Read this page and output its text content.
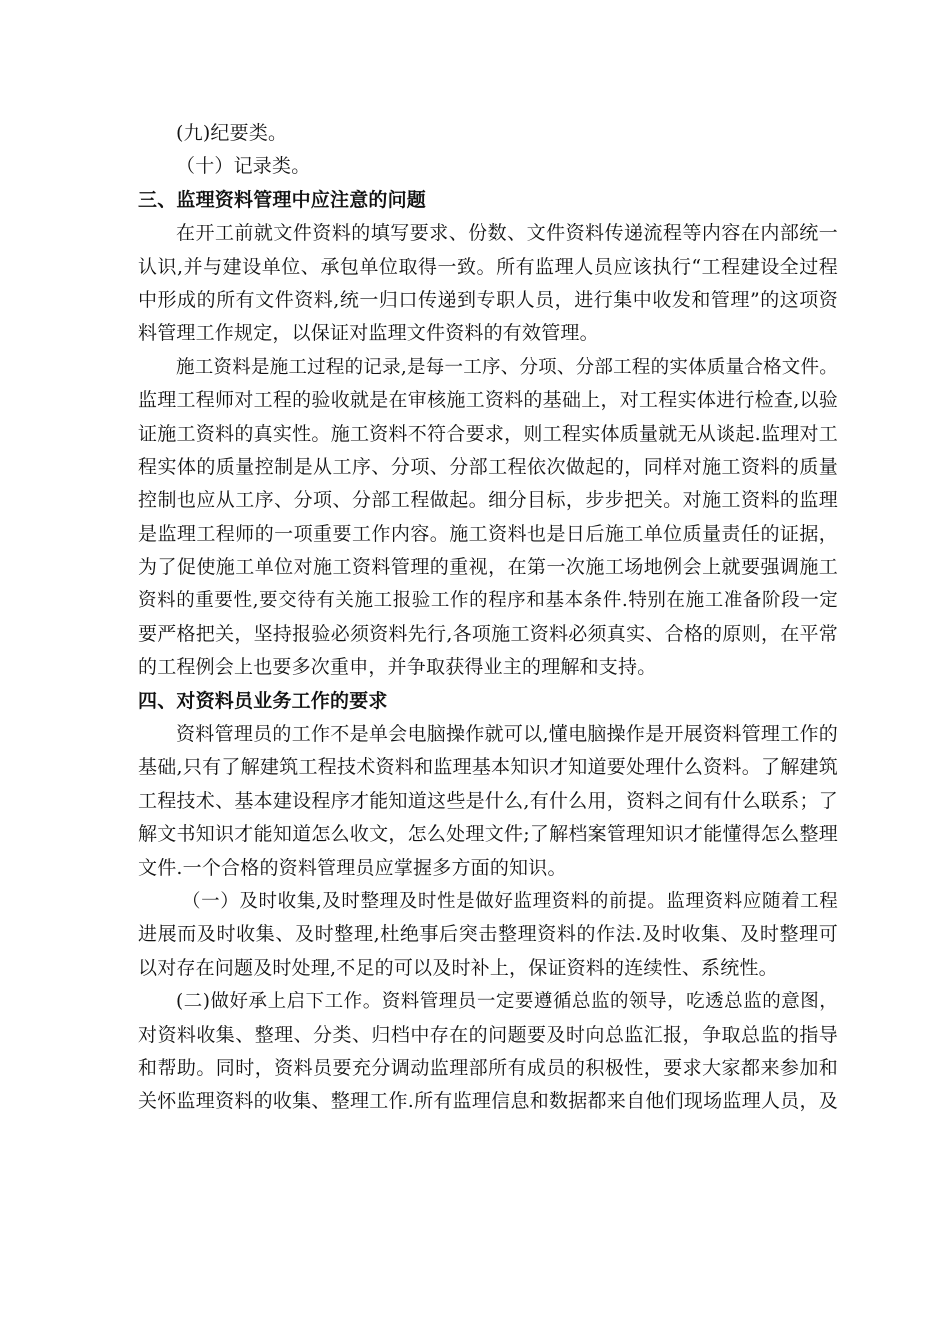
(九)纪要类。
（十）记录类。
三、监理资料管理中应注意的问题
在开工前就文件资料的填写要求、份数、文件资料传递流程等内容在内部统一
认识,并与建设单位、承包单位取得一致。所有监理人员应该执行“工程建设全过程
中形成的所有文件资料,统一归口传递到专职人员，进行集中收发和管理”的这项资
料管理工作规定，以保证对监理文件资料的有效管理。
施工资料是施工过程的记录,是每一工序、分项、分部工程的实体质量合格文件。
监理工程师对工程的验收就是在审核施工资料的基础上，对工程实体进行检查,以验
证施工资料的真实性。施工资料不符合要求，则工程实体质量就无从谈起.监理对工
程实体的质量控制是从工序、分项、分部工程依次做起的，同样对施工资料的质量
控制也应从工序、分项、分部工程做起。细分目标，步步把关。对施工资料的监理
是监理工程师的一项重要工作内容。施工资料也是日后施工单位质量责任的证据，
为了促使施工单位对施工资料管理的重视，在第一次施工场地例会上就要强调施工
资料的重要性,要交待有关施工报验工作的程序和基本条件.特别在施工准备阶段一定
要严格把关，坚持报验必须资料先行,各项施工资料必须真实、合格的原则，在平常
的工程例会上也要多次重申，并争取获得业主的理解和支持。
四、对资料员业务工作的要求
资料管理员的工作不是单会电脑操作就可以,懂电脑操作是开展资料管理工作的
基础,只有了解建筑工程技术资料和监理基本知识才知道要处理什么资料。了解建筑
工程技术、基本建设程序才能知道这些是什么,有什么用，资料之间有什么联系；了
解文书知识才能知道怎么收文，怎么处理文件;了解档案管理知识才能懂得怎么整理
文件.一个合格的资料管理员应掌握多方面的知识。
（一）及时收集,及时整理及时性是做好监理资料的前提。监理资料应随着工程
进展而及时收集、及时整理,杜绝事后突击整理资料的作法.及时收集、及时整理可
以对存在问题及时处理,不足的可以及时补上，保证资料的连续性、系统性。
(二)做好承上启下工作。资料管理员一定要遵循总监的领导，吃透总监的意图，
对资料收集、整理、分类、归档中存在的问题要及时向总监汇报，争取总监的指导
和帮助。同时，资料员要充分调动监理部所有成员的积极性，要求大家都来参加和
关怀监理资料的收集、整理工作.所有监理信息和数据都来自他们现场监理人员，及
